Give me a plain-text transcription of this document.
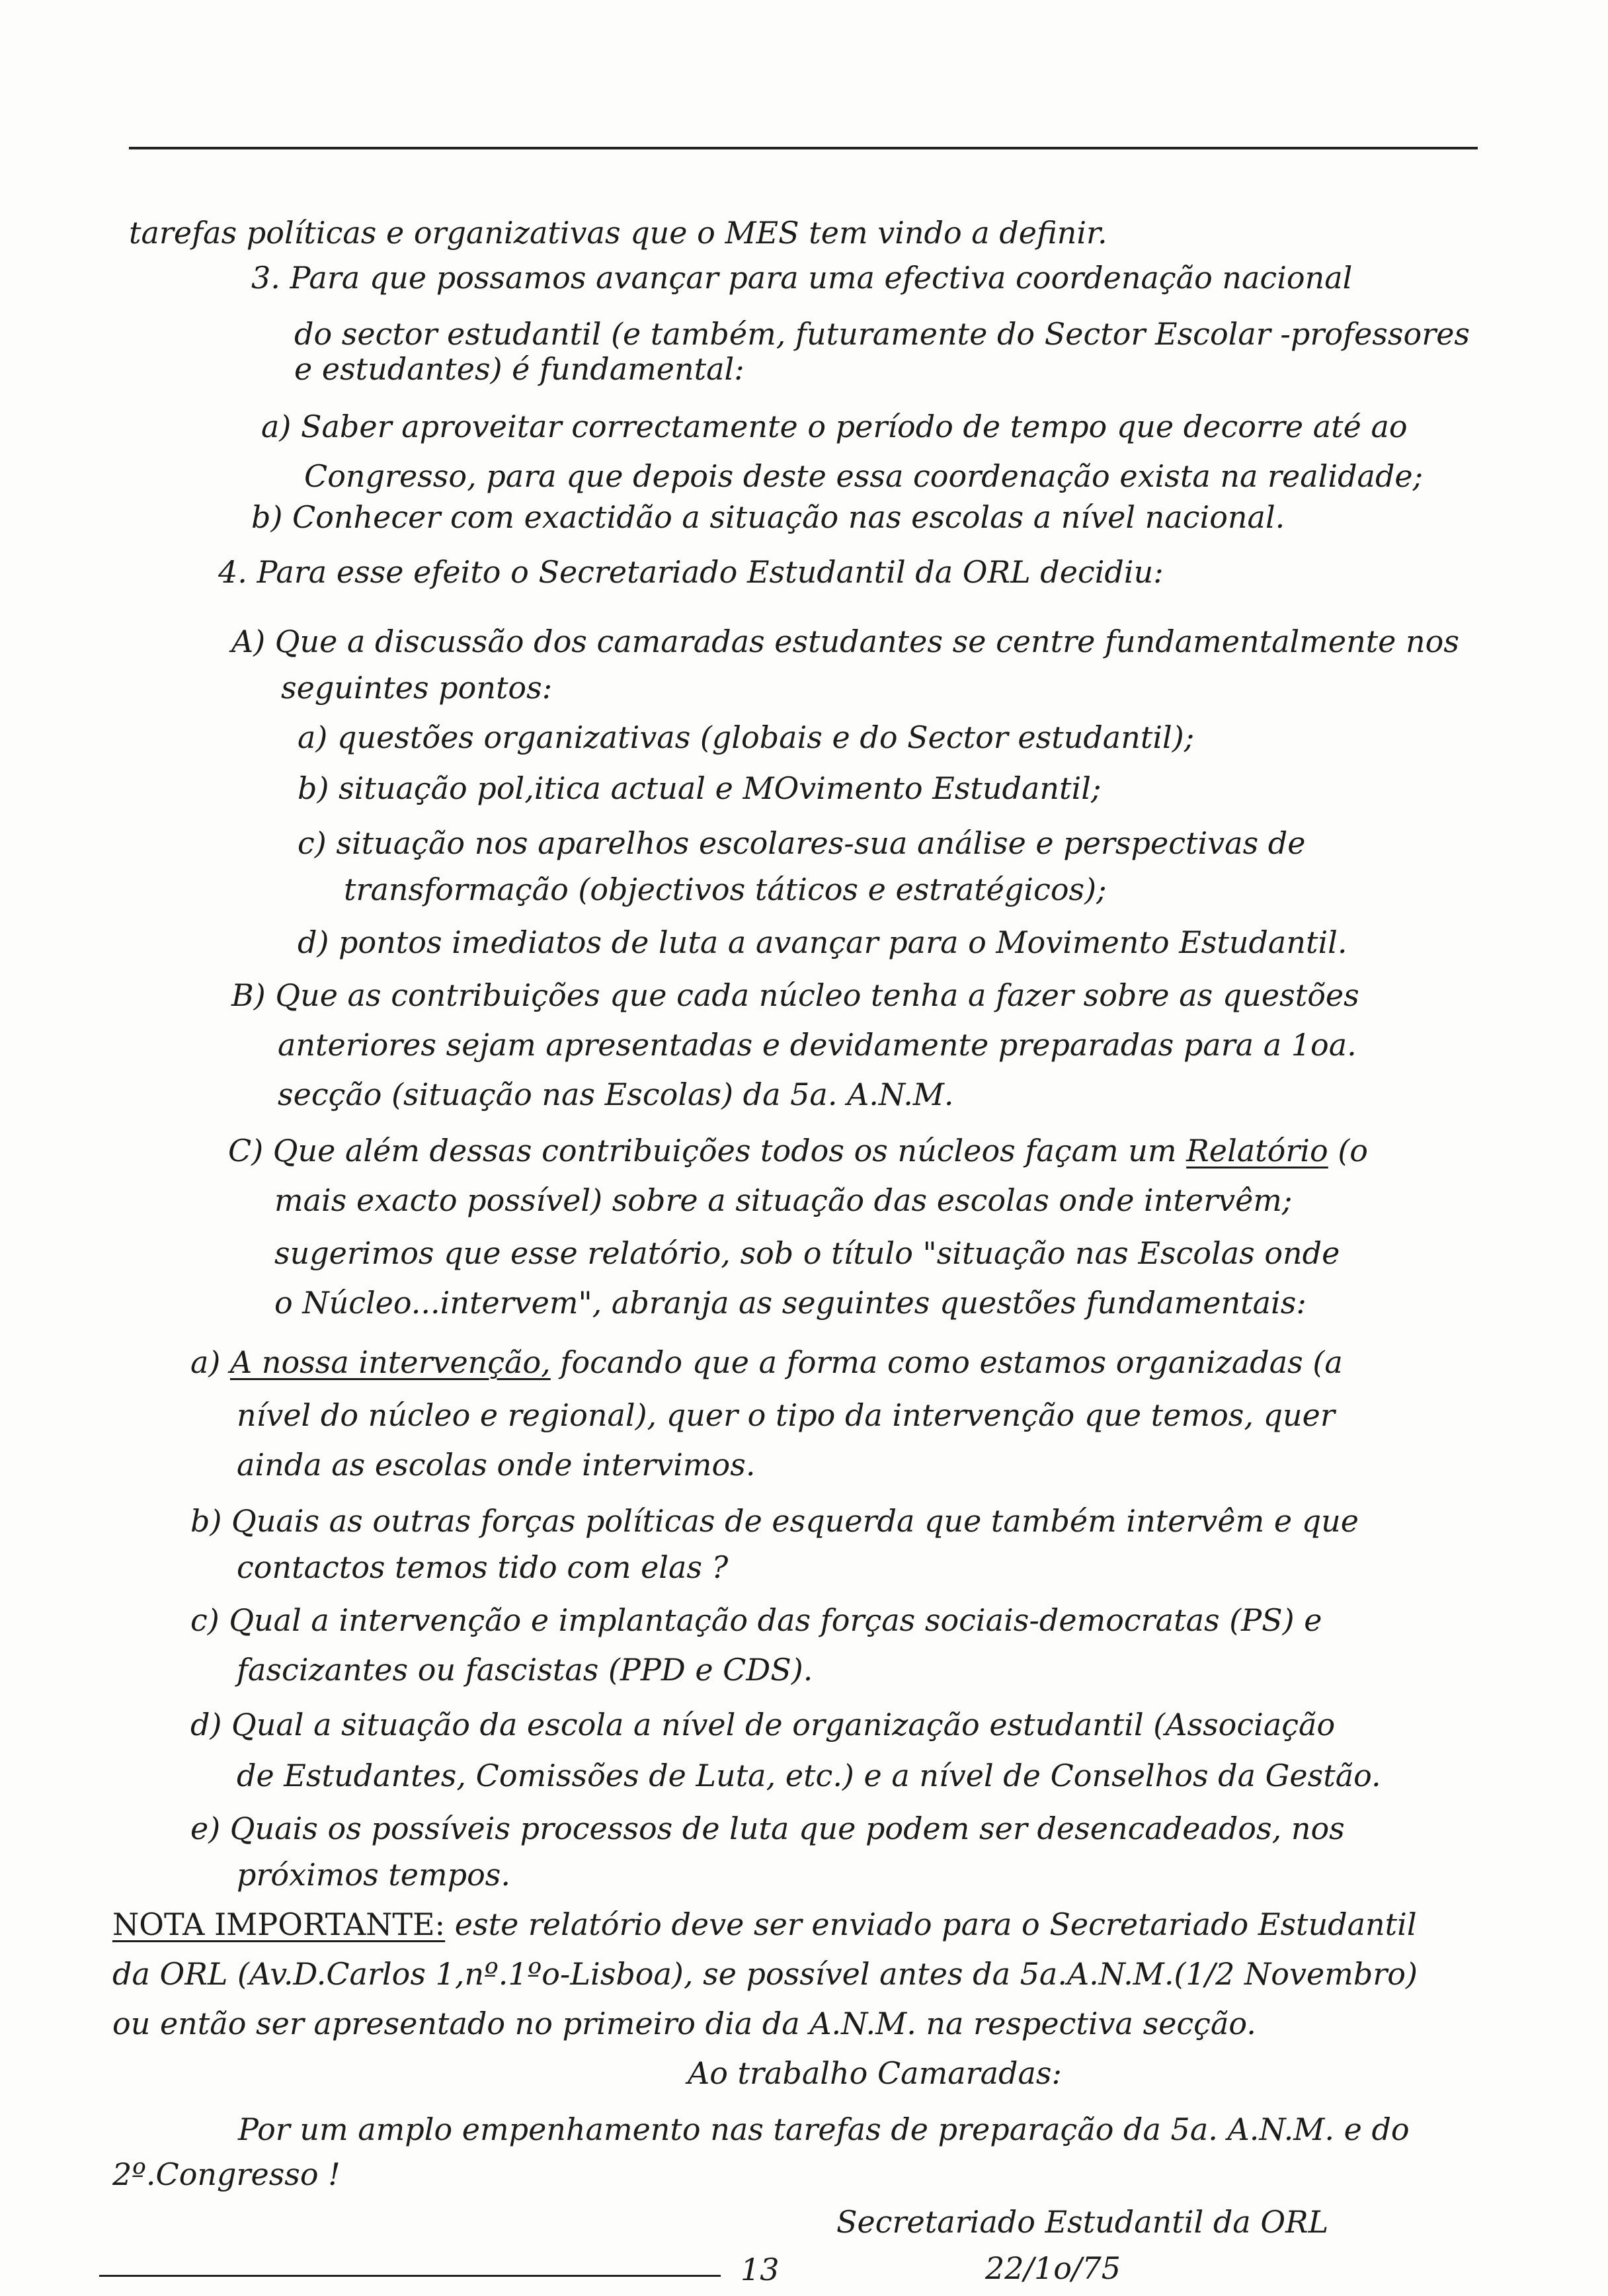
tarefas políticas e organizativas que o MES tem vindo a definir.
3. Para que possamos avançar para uma efectiva coordenação nacional
do sector estudantil (e também, futuramente do Sector Escolar -professores
e estudantes) é fundamental:
a) Saber aproveitar correctamente o período de tempo que decorre até ao
Congresso, para que depois deste essa coordenação exista na realidade;
b) Conhecer com exactidão a situação nas escolas a nível nacional.
4. Para esse efeito o Secretariado Estudantil da ORL decidiu:
A) Que a discussão dos camaradas estudantes se centre fundamentalmente nos
seguintes pontos:
a) questões organizativas (globais e do Sector estudantil);
b) situação pol,itica actual e MOvimento Estudantil;
c) situação nos aparelhos escolares-sua análise e perspectivas de
transformação (objectivos táticos e estratégicos);
d) pontos imediatos de luta a avançar para o Movimento Estudantil.
B) Que as contribuições que cada núcleo tenha a fazer sobre as questões
anteriores sejam apresentadas e devidamente preparadas para a 1oa.
secção (situação nas Escolas) da 5a. A.N.M.
C) Que além dessas contribuições todos os núcleos façam um Relatório (o
mais exacto possível) sobre a situação das escolas onde intervêm;
sugerimos que esse relatório, sob o título "situação nas Escolas onde
o Núcleo...intervem", abranja as seguintes questões fundamentais:
a) A nossa intervenção, focando que a forma como estamos organizadas (a
nível do núcleo e regional), quer o tipo da intervenção que temos, quer
ainda as escolas onde intervimos.
b) Quais as outras forças políticas de esquerda que também intervêm e que
contactos temos tido com elas ?
c) Qual a intervenção e implantação das forças sociais-democratas (PS) e
fascizantes ou fascistas (PPD e CDS).
d) Qual a situação da escola a nível de organização estudantil (Associação
de Estudantes, Comissões de Luta, etc.) e a nível de Conselhos da Gestão.
e) Quais os possíveis processos de luta que podem ser desencadeados, nos
próximos tempos.
NOTA IMPORTANTE: este relatório deve ser enviado para o Secretariado Estudantil
da ORL (Av.D.Carlos 1,nº.1ºo-Lisboa), se possível antes da 5a.A.N.M.(1/2 Novembro)
ou então ser apresentado no primeiro dia da A.N.M. na respectiva secção.
Ao trabalho Camaradas:
Por um amplo empenhamento nas tarefas de preparação da 5a. A.N.M. e do
2º.Congresso !
Secretariado Estudantil da ORL
13	22/1o/75
